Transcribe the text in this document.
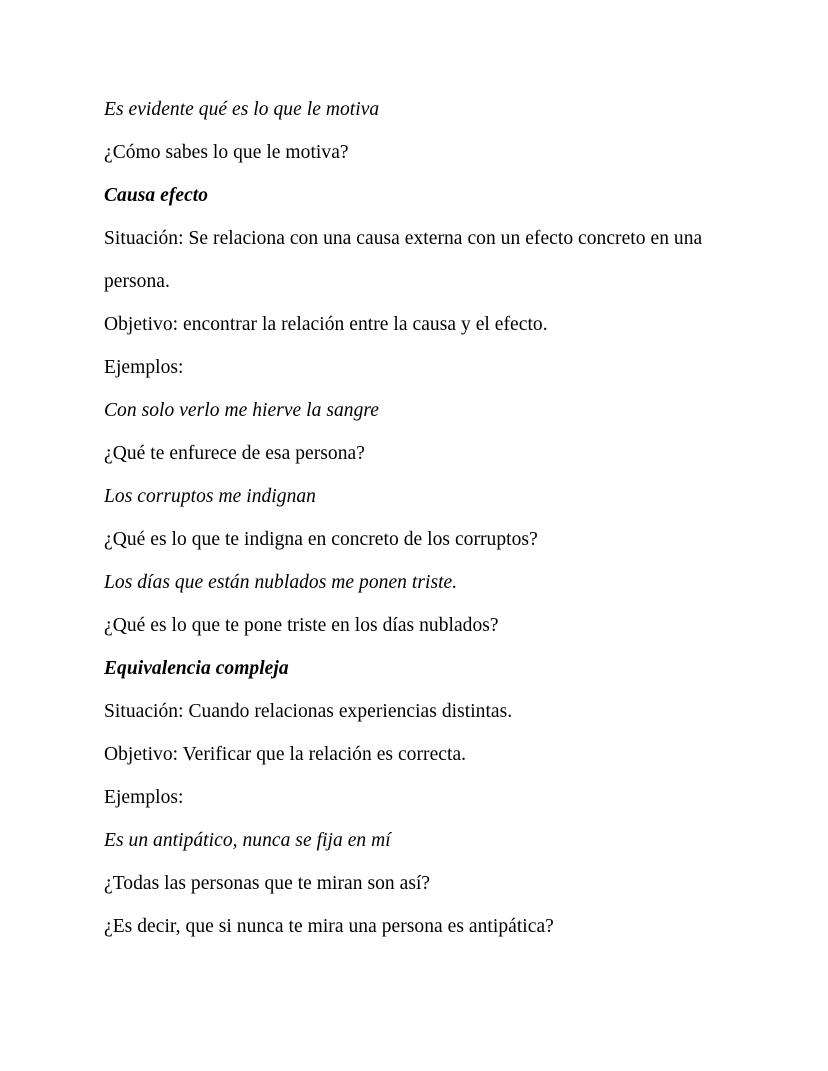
Es evidente qué es lo que le motiva

¿Cómo sabes lo que le motiva?

Causa efecto

Situación: Se relaciona con una causa externa con un efecto concreto en una persona.

Objetivo: encontrar la relación entre la causa y el efecto.

Ejemplos:

Con solo verlo me hierve la sangre

¿Qué te enfurece de esa persona?

Los corruptos me indignan

¿Qué es lo que te indigna en concreto de los corruptos?

Los días que están nublados me ponen triste.

¿Qué es lo que te pone triste en los días nublados?

Equivalencia compleja

Situación: Cuando relacionas experiencias distintas.

Objetivo: Verificar que la relación es correcta.

Ejemplos:

Es un antipático, nunca se fija en mí

¿Todas las personas que te miran son así?

¿Es decir, que si nunca te mira una persona es antipática?
